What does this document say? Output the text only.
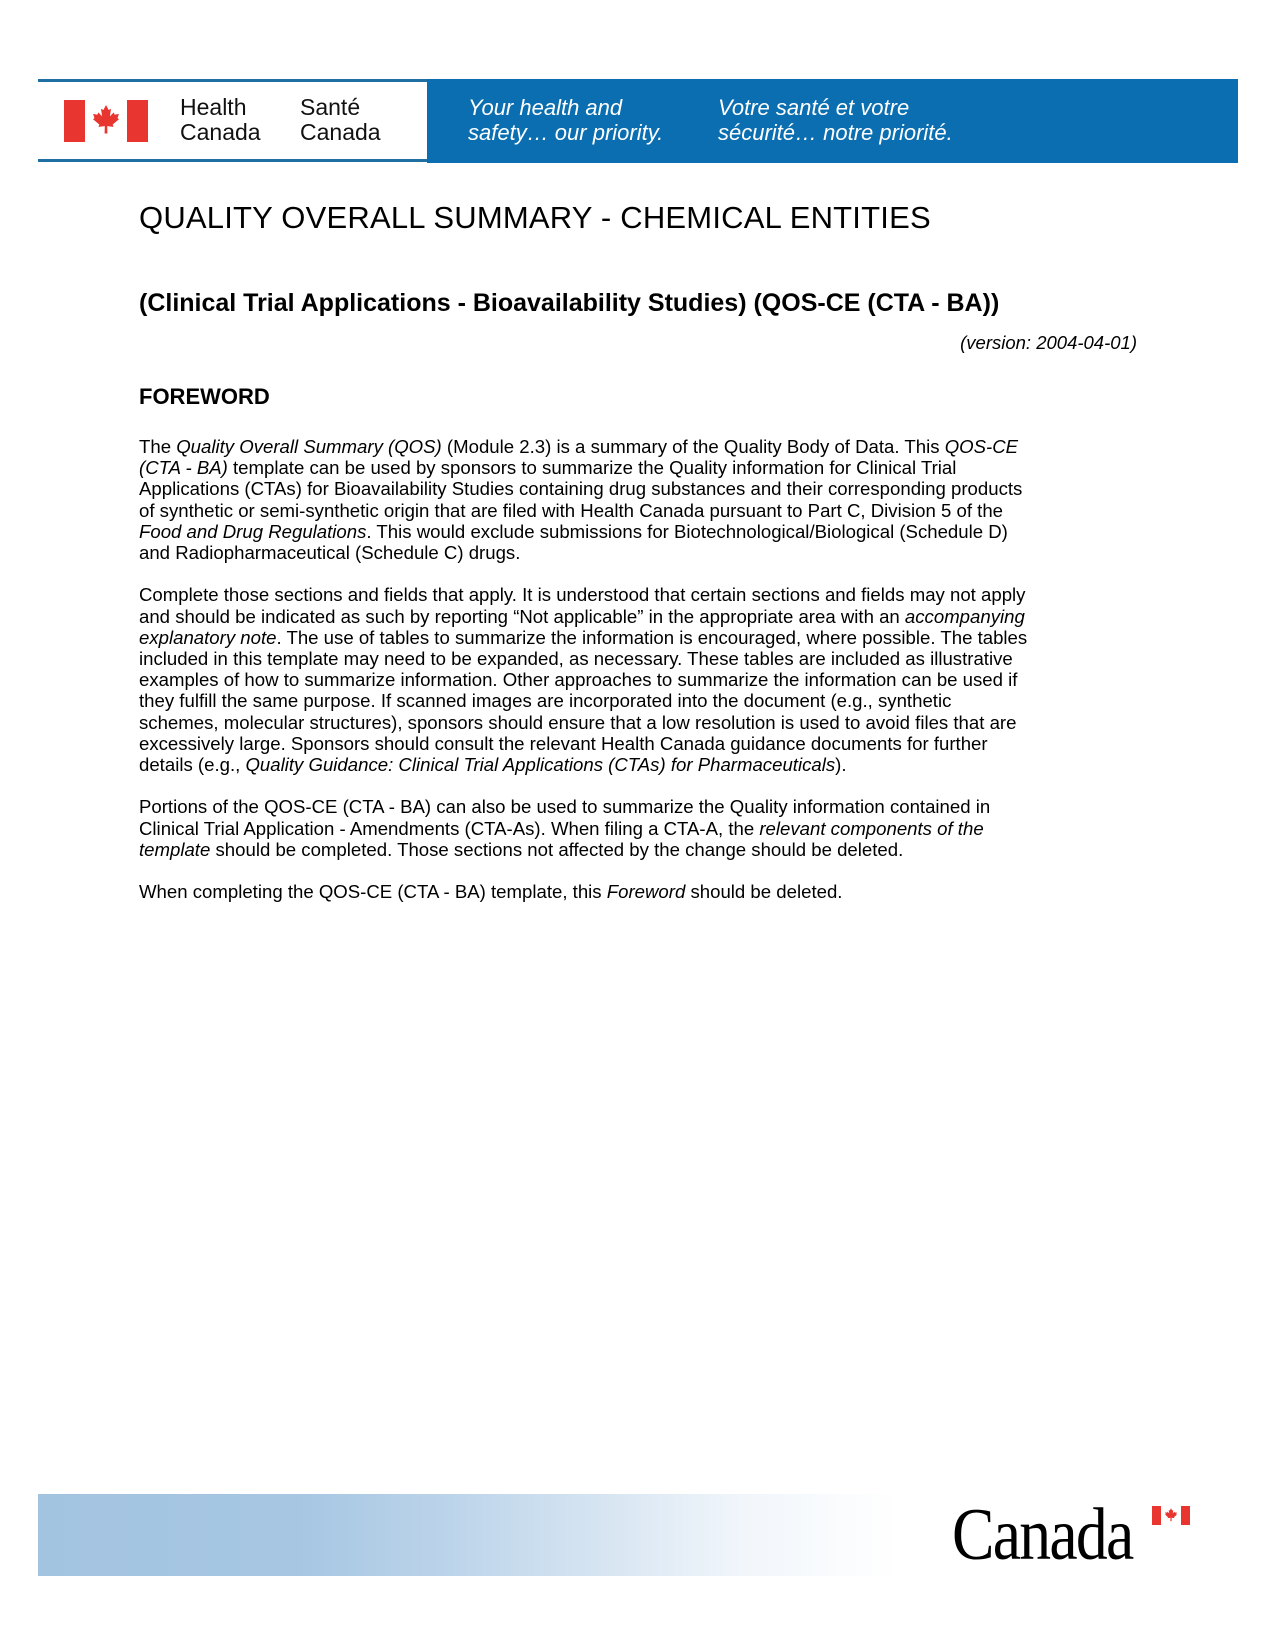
Health
Canada
Santé
Canada
Your health and
safety… our priority.
Votre santé et votre
sécurité… notre priorité.
QUALITY OVERALL SUMMARY - CHEMICAL ENTITIES
(Clinical Trial Applications - Bioavailability Studies) (QOS-CE (CTA - BA))
(version: 2004-04-01)
FOREWORD

The Quality Overall Summary (QOS) (Module 2.3) is a summary of the Quality Body of Data. This QOS-CE
(CTA - BA) template can be used by sponsors to summarize the Quality information for Clinical Trial
Applications (CTAs) for Bioavailability Studies containing drug substances and their corresponding products
of synthetic or semi-synthetic origin that are filed with Health Canada pursuant to Part C, Division 5 of the
Food and Drug Regulations. This would exclude submissions for Biotechnological/Biological (Schedule D)
and Radiopharmaceutical (Schedule C) drugs.

Complete those sections and fields that apply. It is understood that certain sections and fields may not apply
and should be indicated as such by reporting “Not applicable” in the appropriate area with an accompanying
explanatory note. The use of tables to summarize the information is encouraged, where possible. The tables
included in this template may need to be expanded, as necessary. These tables are included as illustrative
examples of how to summarize information. Other approaches to summarize the information can be used if
they fulfill the same purpose. If scanned images are incorporated into the document (e.g., synthetic
schemes, molecular structures), sponsors should ensure that a low resolution is used to avoid files that are
excessively large. Sponsors should consult the relevant Health Canada guidance documents for further
details (e.g., Quality Guidance: Clinical Trial Applications (CTAs) for Pharmaceuticals).

Portions of the QOS-CE (CTA - BA) can also be used to summarize the Quality information contained in
Clinical Trial Application - Amendments (CTA-As). When filing a CTA-A, the relevant components of the
template should be completed. Those sections not affected by the change should be deleted.

When completing the QOS-CE (CTA - BA) template, this Foreword should be deleted.

Canada
